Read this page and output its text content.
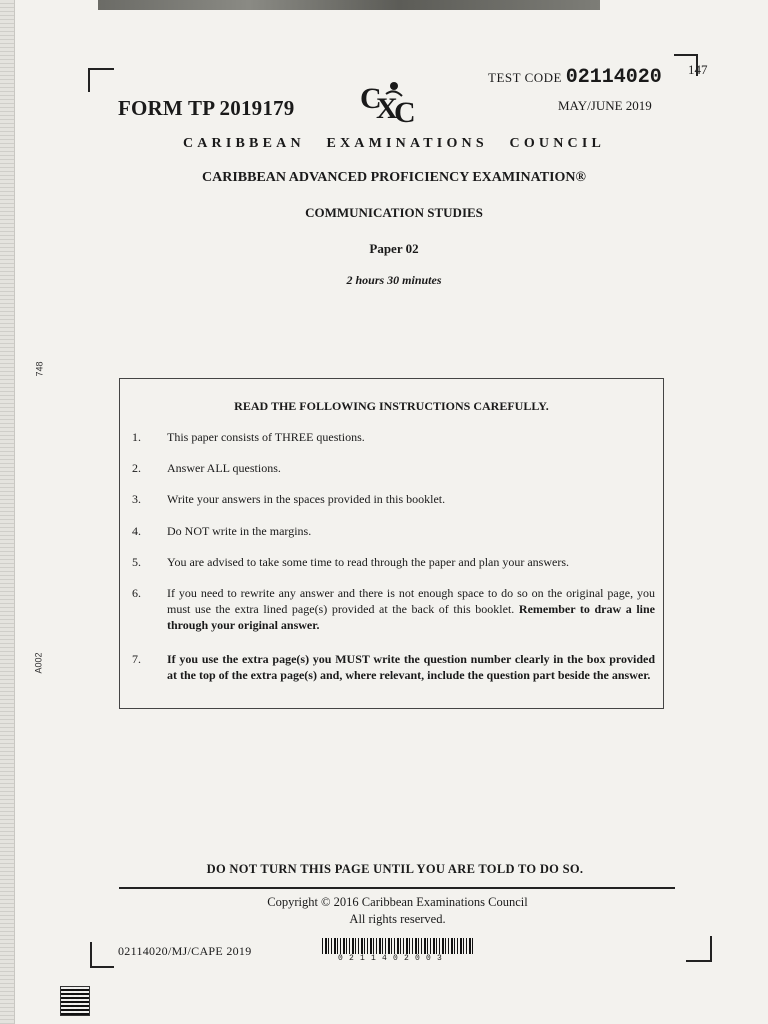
748
A002
147
FORM TP 2019179 C
X
C
TEST CODE 02114020
MAY/JUNE 2019
CARIBBEAN EXAMINATIONS COUNCIL
CARIBBEAN ADVANCED PROFICIENCY EXAMINATION®
COMMUNICATION STUDIES
Paper 02
2 hours 30 minutes
READ THE FOLLOWING INSTRUCTIONS CAREFULLY.
1.	This paper consists of THREE questions.
2.	Answer ALL questions.
3.	Write your answers in the spaces provided in this booklet.
4.	Do NOT write in the margins.
5.	You are advised to take some time to read through the paper and plan your answers.
6.	If you need to rewrite any answer and there is not enough space to do so on the original page, you must use the extra lined page(s) provided at the back of this booklet. Remember to draw a line through your original answer.
7.	If you use the extra page(s) you MUST write the question number clearly in the box provided at the top of the extra page(s) and, where relevant, include the question part beside the answer.
DO NOT TURN THIS PAGE UNTIL YOU ARE TOLD TO DO SO.
Copyright © 2016 Caribbean Examinations Council
All rights reserved.
02114020/MJ/CAPE 2019
0211402003
